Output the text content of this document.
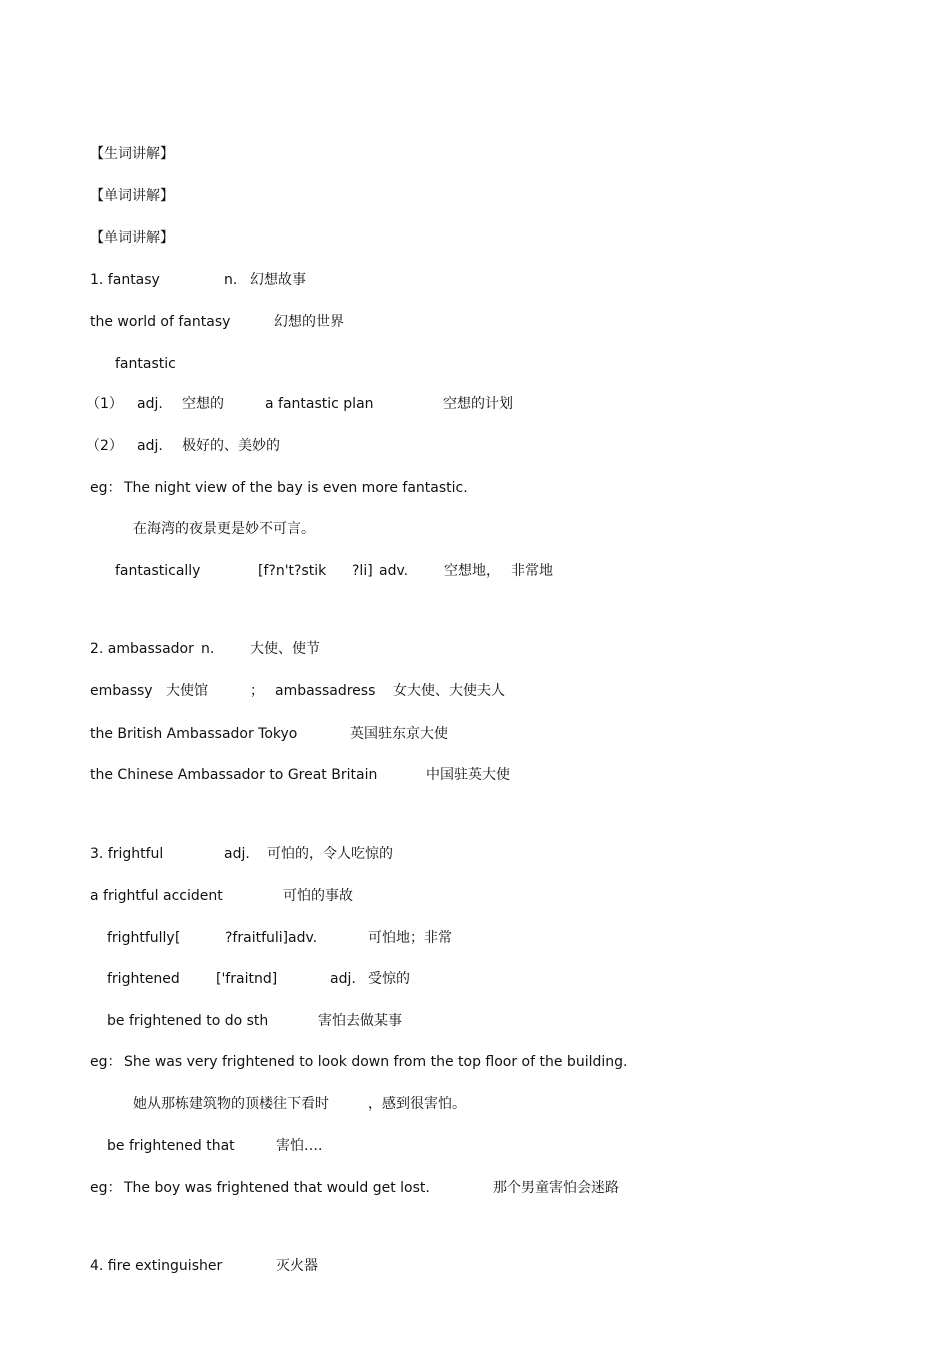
【生词讲解】
【单词讲解】
【单词讲解】
1. fantasy	n. 幻想故事
the world of fantasy	幻想的世界
fantastic
（1） adj. 空想的	a fantastic plan	空想的计划
（2） adj. 极好的、美妙的
eg： The night view of the bay is even more fantastic.
在海湾的夜景更是妙不可言。
fantastically	[f?n't?stik ?li] adv.	空想地， 非常地
2. ambassador n.	大使、使节
embassy 大使馆	； ambassadress 女大使、大使夫人
the British Ambassador Tokyo	英国驻东京大使
the Chinese Ambassador to Great Britain	中国驻英大使
3. frightful	adj. 可怕的，令人吃惊的
a frightful accident	可怕的事故
frightfully [	?fraitfuli] adv.	可怕地；非常
frightened	['fraitnd]	adj. 受惊的
be frightened to do sth	害怕去做某事
eg： She was very frightened to look down from the top floor of the building.
她从那栋建筑物的顶楼往下看时	，感到很害怕。
be frightened that	害怕….
eg： The boy was frightened that would get lost.	那个男童害怕会迷路
4. fire extinguisher	灭火器
